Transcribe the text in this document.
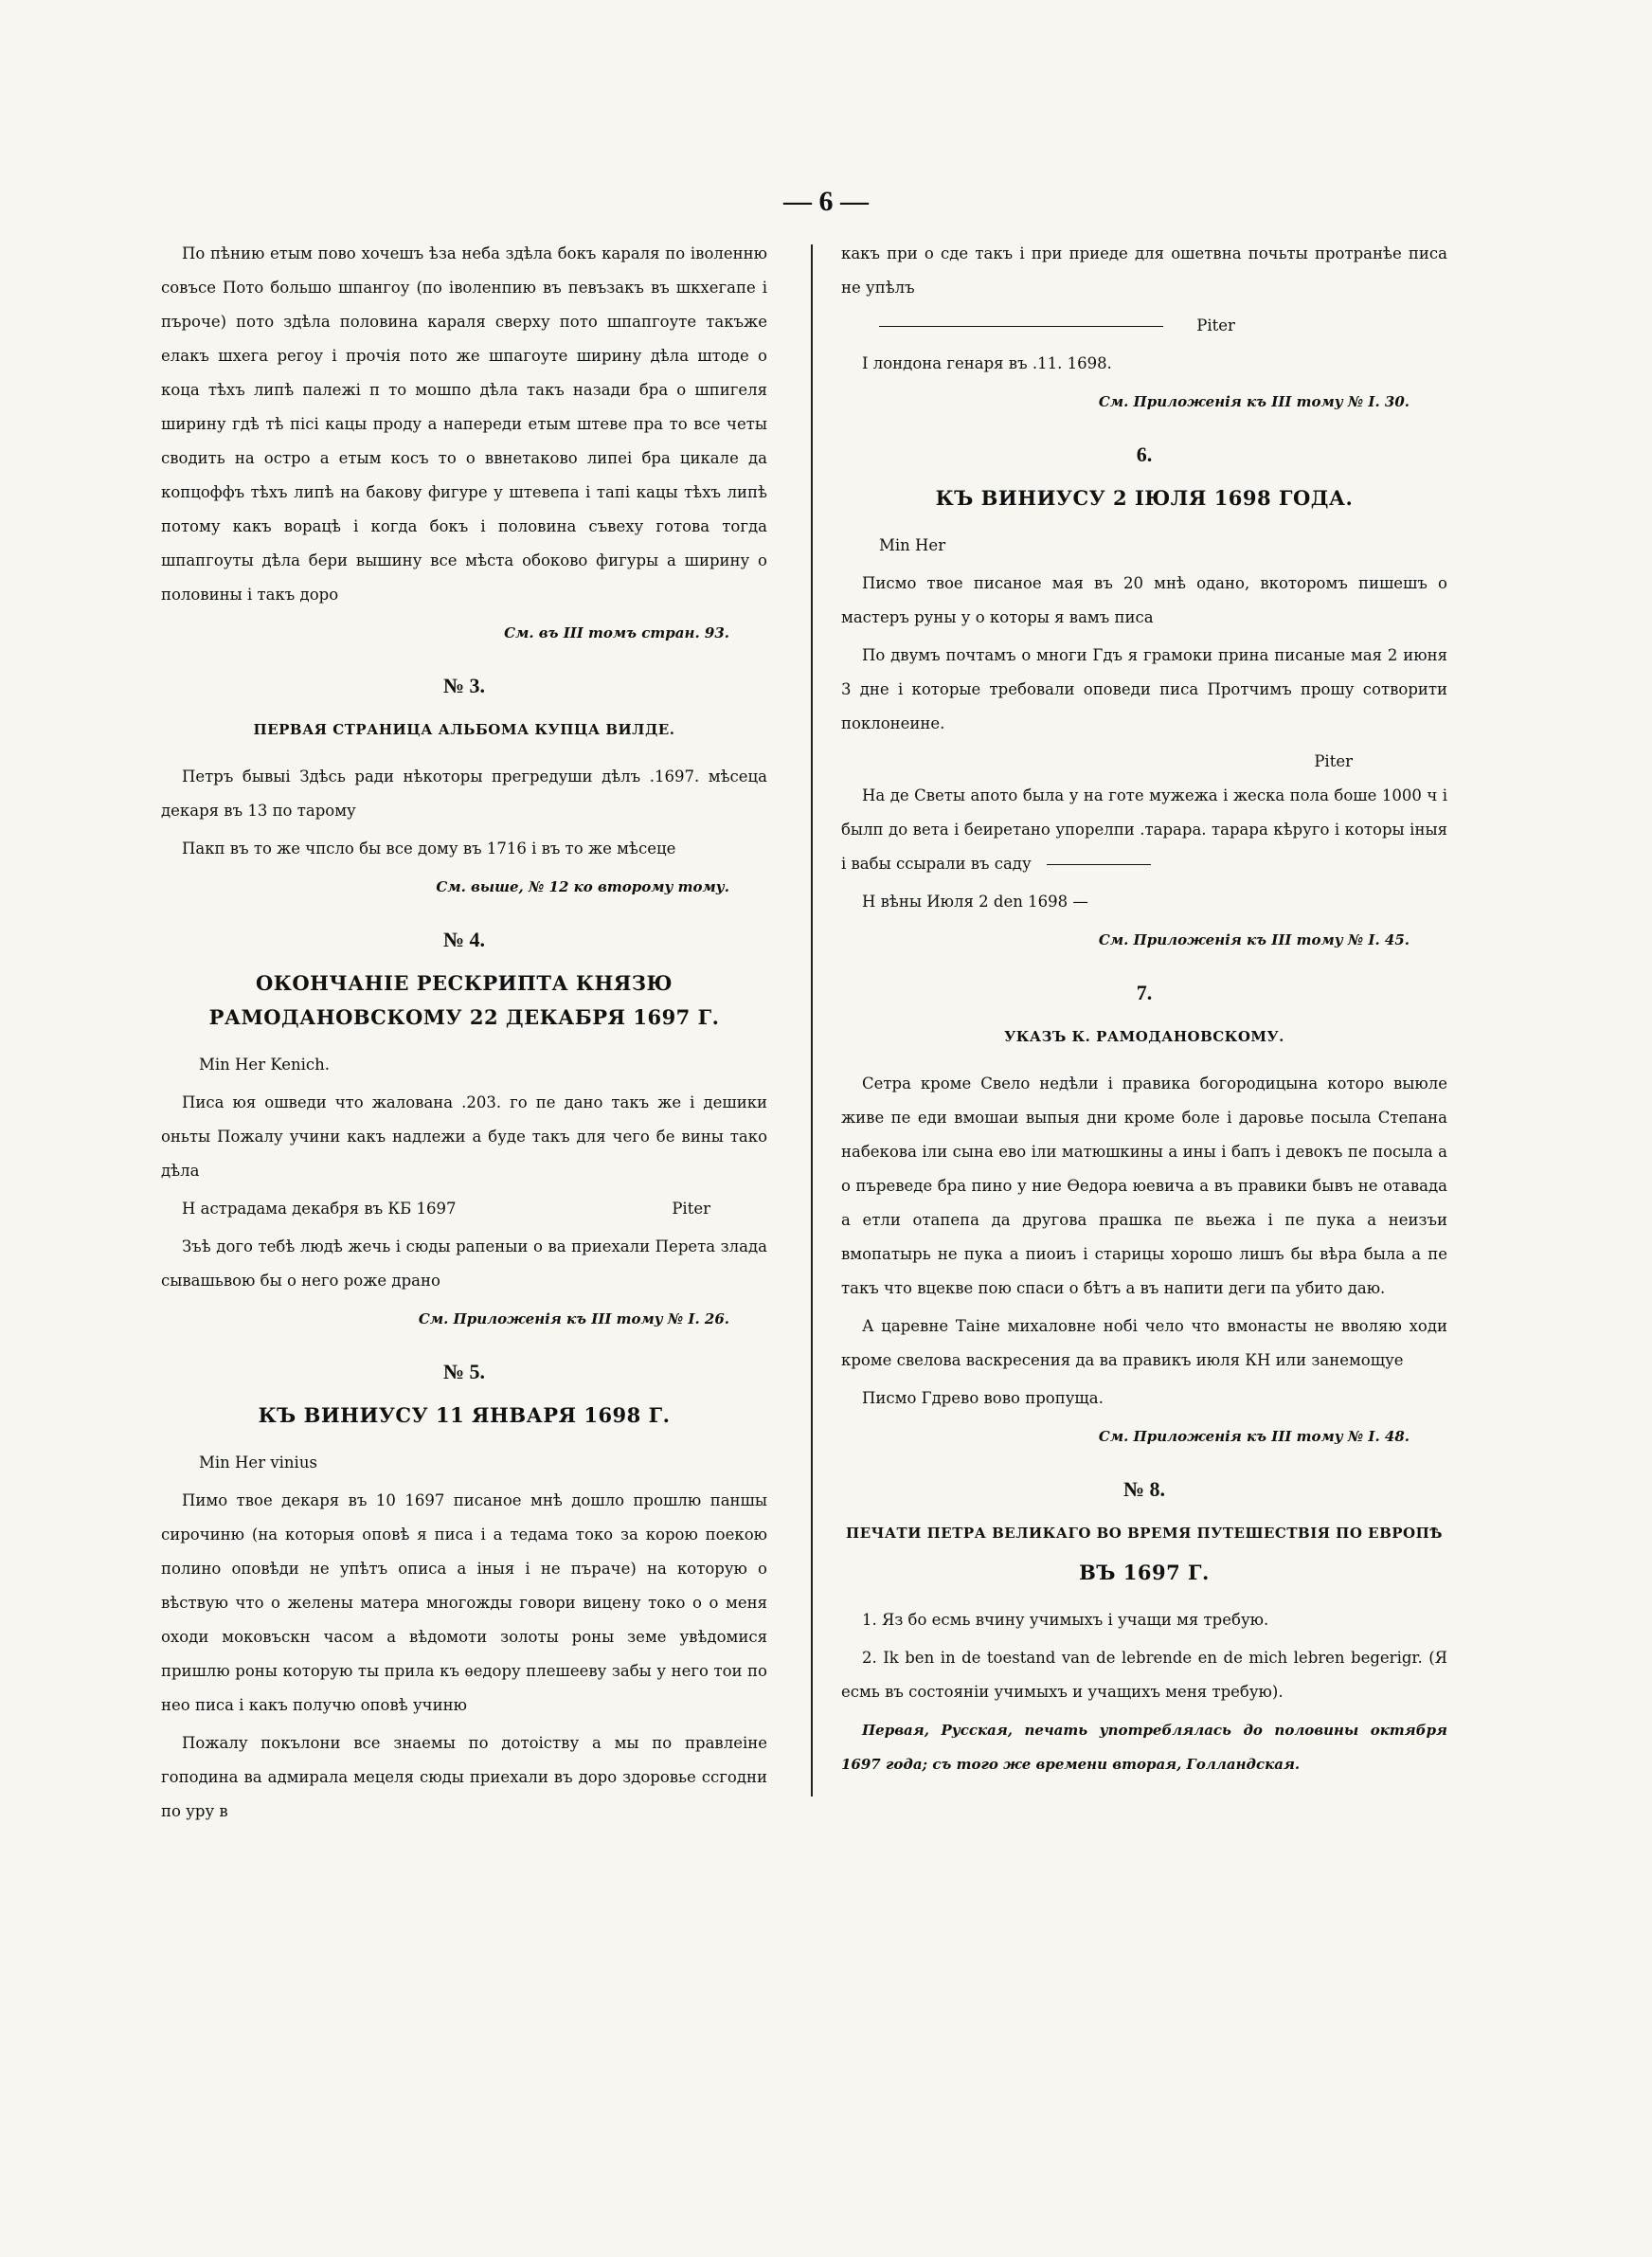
— 6 —

По пѣнию етым пово хочешъ ѣза неба здѣла бокъ караля по іволенню совъсе Пото большо шпангоу (по іволенпию въ певъзакъ въ шкхегапе і пъроче) пото здѣла половина караля сверху пото шпапгоуте такъже елакъ шхега регоу і прочія пото же шпагоуте ширину дѣла штоде о коца тѣхъ липѣ палежі п то мошпо дѣла такъ назади бра о шпигеля ширину гдѣ тѣ пісі кацы проду а напереди етым штеве пра то все четы сводить на остро а етым косъ то о ввнетаково липеі бра цикале да копцоффъ тѣхъ липѣ на бакову фигуре у штевепа і тапі кацы тѣхъ липѣ потому какъ ворацѣ і когда бокъ і половина съвеху готова тогда шпапгоуты дѣла бери вышину все мѣста обоково фигуры а ширину о половины і такъ доро

См. въ III томъ стран. 93.
№ 3.
ПЕРВАЯ СТРАНИЦА АЛЬБОМА КУПЦА ВИЛДЕ.

Петръ бывыі Здѣсь ради нѣкоторы прегредуши дѣлъ .1697. мѣсеца декаря въ 13 по тарому

Пакп въ то же чпсло бы все дому въ 1716 і въ то же мѣсеце

См. выше, № 12 ко второму тому.
№ 4.
ОКОНЧАНІЕ РЕСКРИПТА КНЯЗЮ РАМОДАНОВСКОМУ 22 ДЕКАБРЯ 1697 Г.

Min Her Kenich.

Писа юя ошведи что жалована .203. го пе дано такъ же і дешики оньты Пожалу учини какъ надлежи а буде такъ для чего бе вины тако дѣла

Н астрадама декабря въ КБ 1697	Piter

Зъѣ дого тебѣ людѣ жечь і сюды рапеныи о ва приехали Перета злада сывашьвою бы о него роже драно

См. Приложенія къ III тому № I. 26.
№ 5.
КЪ ВИНИУСУ 11 ЯНВАРЯ 1698 Г.

Min Her vinius

Пимо твое декаря въ 10 1697 писаное мнѣ дошло прошлю паншы сирочиню (на которыя оповѣ я писа і а тедама токо за корою поекою полино оповѣди не упѣтъ описа а іныя і не пъраче) на которую о вѣствую что о желены матера многожды говори вицену токо о о меня оходи моковъскн часом а вѣдомоти золоты роны земе увѣдомися пришлю роны которую ты прила къ ѳедору плешееву забы у него тои по нео писа і какъ получю оповѣ учиню

Пожалу покълони все знаемы по дотоіству а мы по правлеіне гоподина ва адмирала мецеля сюды приехали въ доро здоровье ссгодни по уру в

какъ при о сде такъ і при приеде для ошетвна почьты протранѣе писа не упѣлъ

Piter

І лондона генаря въ .11. 1698.

См. Приложенія къ III тому № I. 30.
6.
КЪ ВИНИУСУ 2 ІЮЛЯ 1698 ГОДА.

Min Her

Писмо твое писаное мая въ 20 мнѣ одано, вкоторомъ пишешъ о мастеръ руны у о которы я вамъ писа

По двумъ почтамъ о многи Гдъ я грамоки прина писаные мая 2 июня 3 дне і которые требовали оповеди писа Протчимъ прошу сотворити поклонеине.

Piter

На де Светы апото была у на готе мужежа і жеска пола боше 1000 ч і былп до вета і беиретано упорелпи .тарара. тарара кѣруго і которы іныя і вабы ссырали въ саду

Н вѣны Июля 2 den 1698 —

См. Приложенія къ III тому № I. 45.
7.
УКАЗЪ К. РАМОДАНОВСКОМУ.

Сетра кроме Свело недѣли і правика богородицына которо выюле живе пе еди вмошаи выпыя дни кроме боле і даровье посыла Степана набекова іли сына ево іли матюшкины а ины і бапъ і девокъ пе посыла а о пъреведе бра пино у ние Ѳедора юевича а въ правики бывъ не отавада а етли отапепа да другова прашка пе вьежа і пе пука а неизъи вмопатырь не пука а пиоиъ і старицы хорошо лишъ бы вѣра была а пе такъ что вцекве пою спаси о бѣтъ а въ напити деги па убито даю.

А царевне Таіне михаловне нобі чело что вмонасты не вволяю ходи кроме свелова васкресения да ва правикъ июля КН или занемощуе

Писмо Гдрево вово пропуща.

См. Приложенія къ III тому № I. 48.
№ 8.
ПЕЧАТИ ПЕТРА ВЕЛИКАГО ВО ВРЕМЯ ПУТЕШЕСТВІЯ ПО ЕВРОПѢ
ВЪ 1697 Г.

1. Яз бо есмь вчину учимыхъ і учащи мя требую.

2. Ik ben in de toestand van de lebrende en de mich lebren begerigr. (Я есмь въ состояніи учимыхъ и учащихъ меня требую).

Первая, Русская, печать употреблялась до половины октября 1697 года; съ того же времени вторая, Голландская.
